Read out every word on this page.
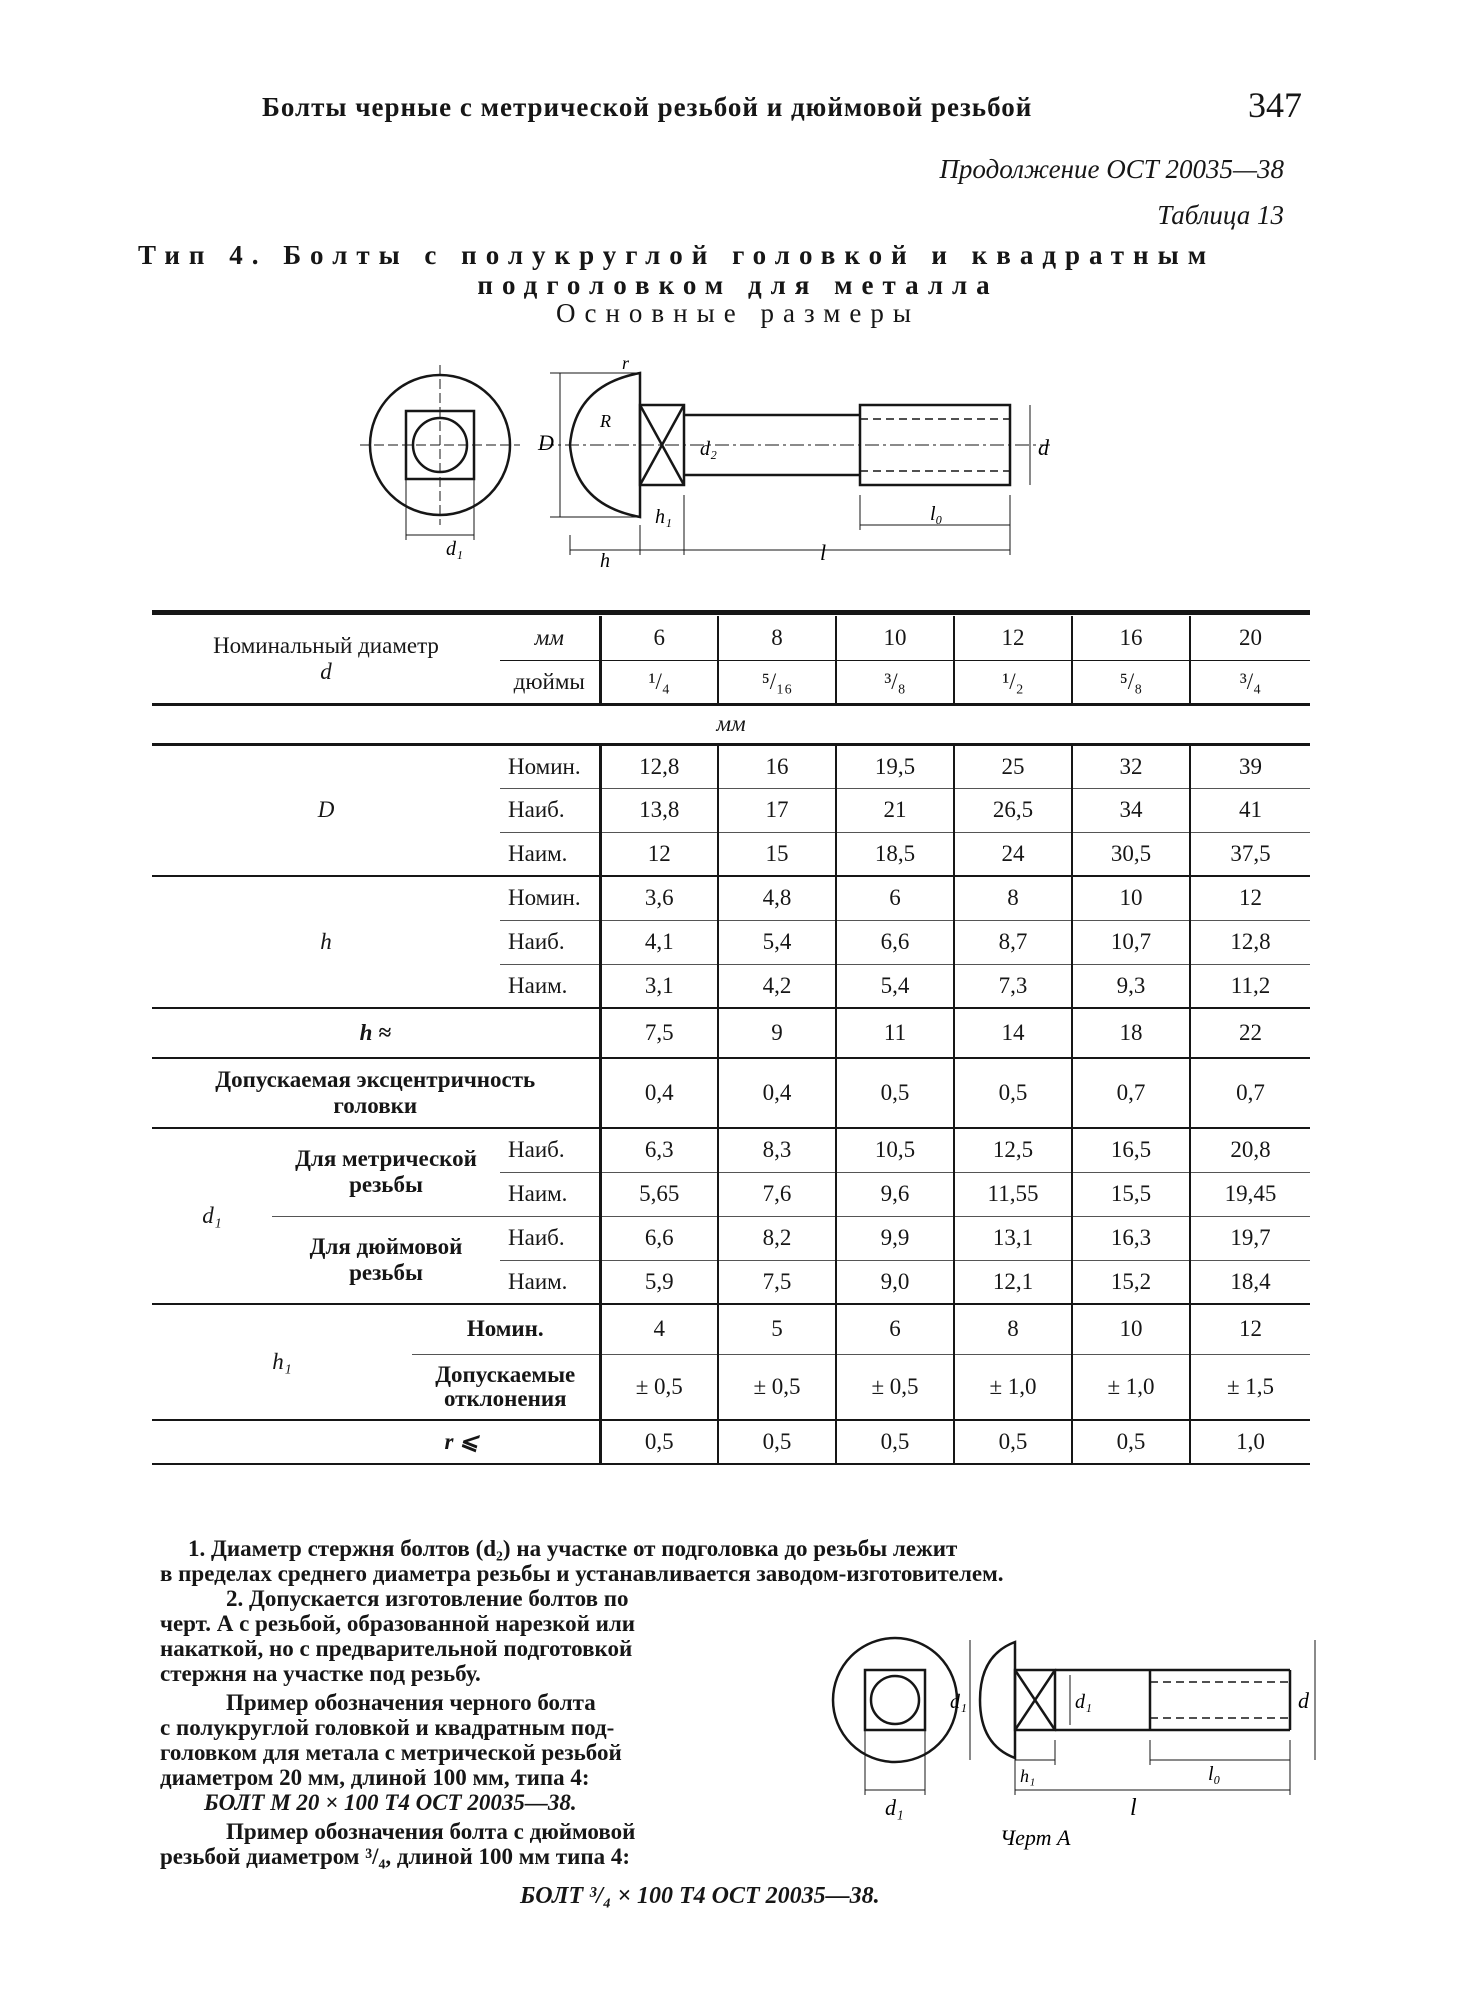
Болты черные с метрической резьбой и дюймовой резьбой	347
Продолжение ОСТ 20035—38
Таблица 13
Тип 4. Болты с полукруглой головкой и квадратным
подголовком для металла
Основные размеры
d₁
D
R
r
d₂	d
h₁
h
l₀
l
Номинальный диаметр
d			мм	6	8	10	12	16	20
			дюймы	¹/₄	⁵/₁₆	³/₈	¹/₂	⁵/₈	³/₄
мм									
D			Номин.	12,8	16	19,5	25	32	39
			Наиб.	13,8	17	21	26,5	34	41
			Наим.	12	15	18,5	24	30,5	37,5
h			Номин.	3,6	4,8	6	8	10	12
			Наиб.	4,1	5,4	6,6	8,7	10,7	12,8
			Наим.	3,1	4,2	5,4	7,3	9,3	11,2
h ≈				7,5	9	11	14	18	22
Допускаемая эксцентричность головки				0,4	0,4	0,5	0,5	0,7	0,7
d₁	Для метрической резьбы		Наиб.	6,3	8,3	10,5	12,5	16,5	20,8
			Наим.	5,65	7,6	9,6	11,55	15,5	19,45
	Для дюймовой резьбы		Наиб.	6,6	8,2	9,9	13,1	16,3	19,7
			Наим.	5,9	7,5	9,0	12,1	15,2	18,4
h₁		Номин.		4	5	6	8	10	12
		Допускаемые отклонения		± 0,5	± 0,5	± 0,5	± 1,0	± 1,0	± 1,5
r ⩽				0,5	0,5	0,5	0,5	0,5	1,0
1. Диаметр стержня болтов (d₂) на участке от подголовка до резьбы лежит
в пределах среднего диаметра резьбы и устанавливается заводом-изготовителем.
2. Допускается изготовление болтов по
черт. А с резьбой, образованной нарезкой или
накаткой, но с предварительной подготовкой
стержня на участке под резьбу.
Пример обозначения черного болта
с полукруглой головкой и квадратным под-
головком для метала с метрической резьбой
диаметром 20 мм, длиной 100 мм, типа 4:
БОЛТ М 20 × 100 Т4 ОСТ 20035—38.
Пример обозначения болта с дюймовой
резьбой диаметром ³/₄, длиной 100 мм типа 4:
БОЛТ ³/₄ × 100 Т4 ОСТ 20035—38.
d₁	d₁	d
h₁	l₀
d₁	l
Черт А
